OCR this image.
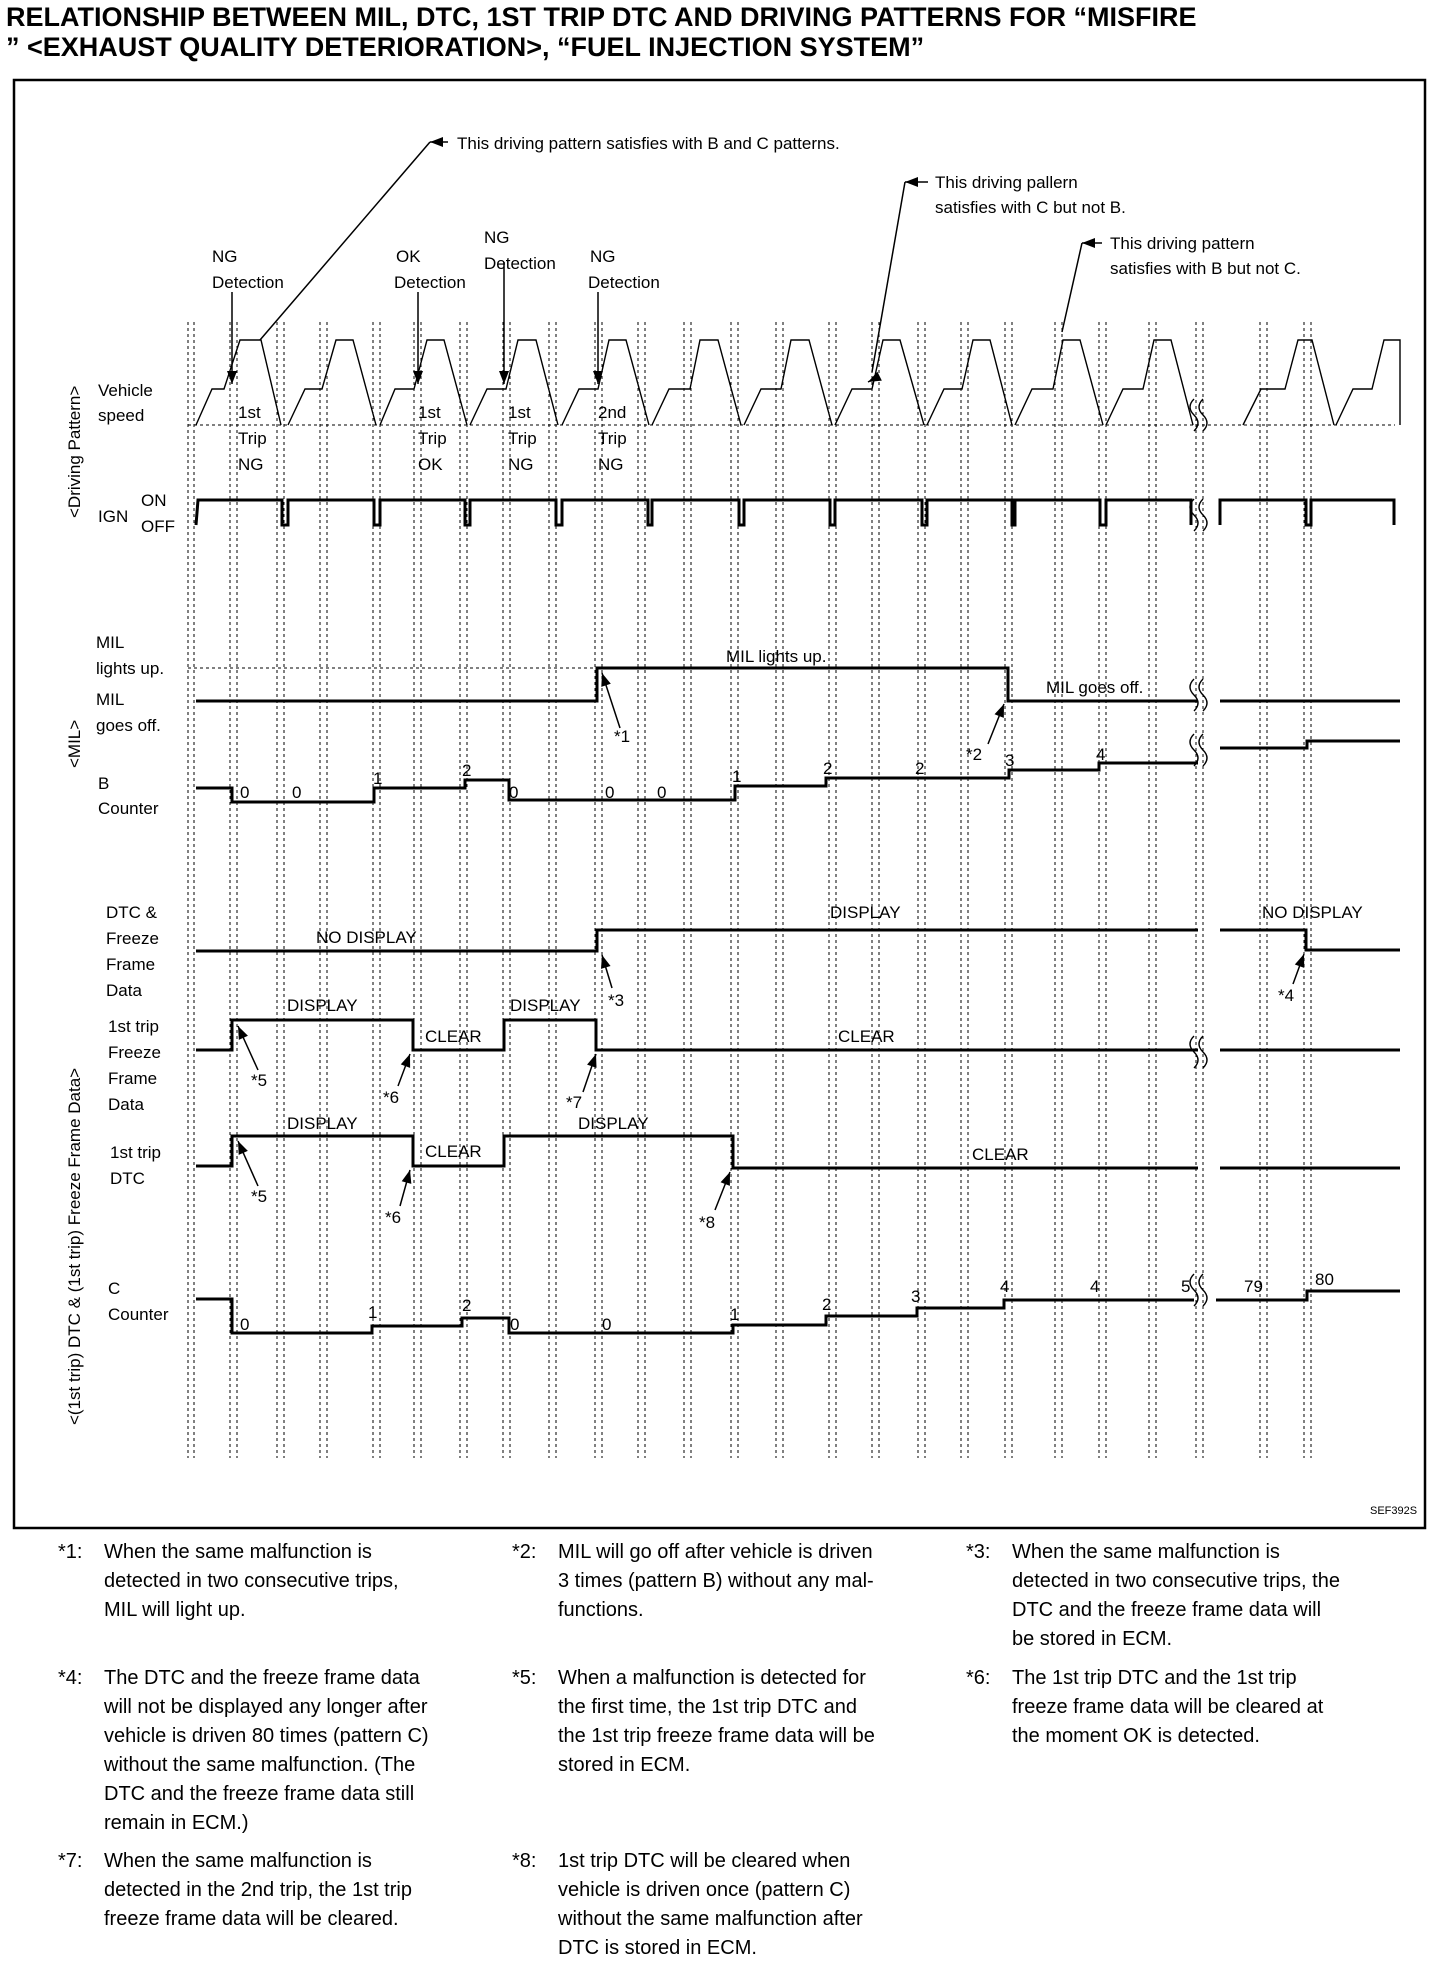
RELATIONSHIP BETWEEN MIL, DTC, 1ST TRIP DTC AND DRIVING PATTERNS FOR “MISFIRE
” <EXHAUST QUALITY DETERIORATION>, “FUEL INJECTION SYSTEM”
0	0
1	2
0	0	0
1	2	2	3	4
0
1	2
0	0
1
2	3
4	4	5	79	80
This driving pattern satisfies with B and C patterns.
This driving pallern
satisfies with C but not B.
This driving pattern
satisfies with B but not C.
NG
Detection
OK
Detection
NG
Detection NG
Detection
<Driving Pattern>
<MIL>
<(1st trip) DTC & (1st trip) Freeze Frame Data>
Vehicle
speed
IGN
ON
OFF
MIL
lights up.
MIL
goes off.
B
Counter
DTC &
Freeze
Frame
Data
1st trip
Freeze
Frame
Data
1st trip
DTC
C
Counter
1st
Trip
NG
1st
Trip
OK
1st
Trip
NG
2nd
Trip
NG
MIL lights up.
MIL goes off.
NO DISPLAY
DISPLAY	NO DISPLAY
DISPLAY
CLEAR
DISPLAY
CLEAR
DISPLAY
CLEAR
DISPLAY
CLEAR
*1
*2
*3	*4
*5
*6	*7
*5
*6	*8
SEF392S
*1: When the same malfunction is
detected in two consecutive trips,
MIL will light up.
*2: MIL will go off after vehicle is driven
3 times (pattern B) without any mal-
functions.
*3: When the same malfunction is
detected in two consecutive trips, the
DTC and the freeze frame data will
be stored in ECM.
*4: The DTC and the freeze frame data
will not be displayed any longer after
vehicle is driven 80 times (pattern C)
without the same malfunction. (The
DTC and the freeze frame data still
remain in ECM.)
*5: When a malfunction is detected for
the first time, the 1st trip DTC and
the 1st trip freeze frame data will be
stored in ECM.
*6: The 1st trip DTC and the 1st trip
freeze frame data will be cleared at
the moment OK is detected.
*7: When the same malfunction is
detected in the 2nd trip, the 1st trip
freeze frame data will be cleared.
*8: 1st trip DTC will be cleared when
vehicle is driven once (pattern C)
without the same malfunction after
DTC is stored in ECM.
